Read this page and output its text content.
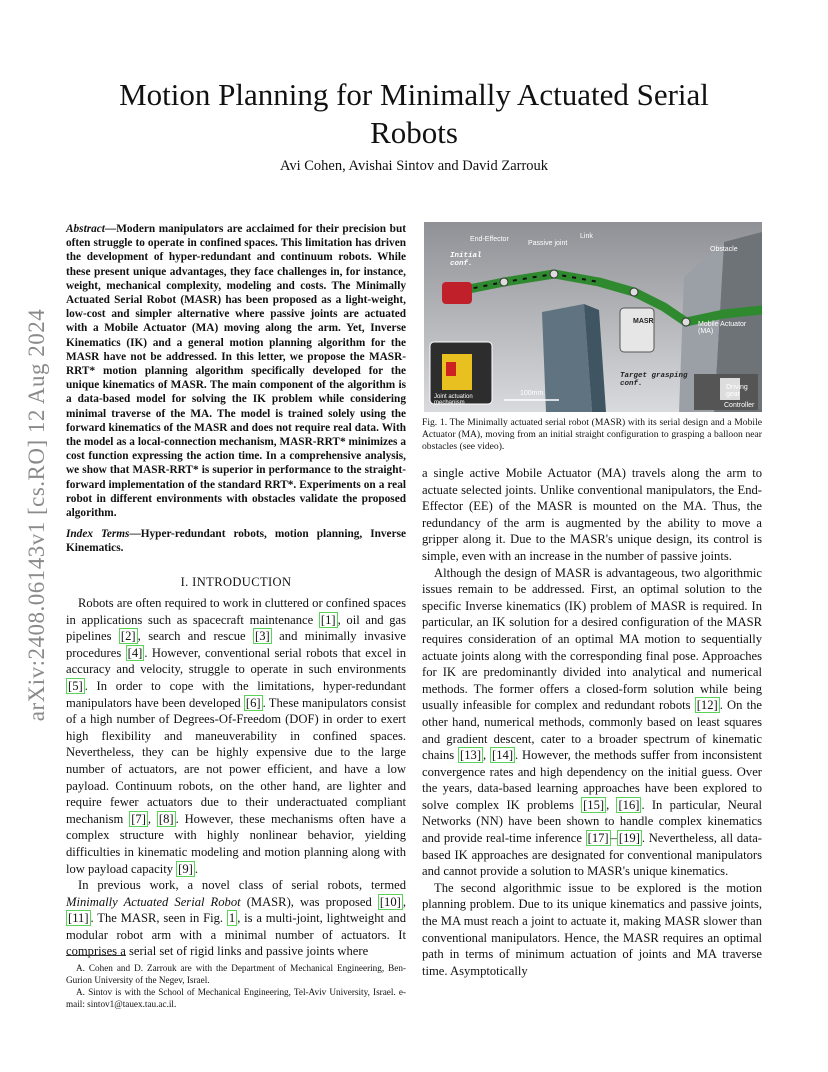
arXiv:2408.06143v1 [cs.RO] 12 Aug 2024
Motion Planning for Minimally Actuated Serial Robots
Avi Cohen, Avishai Sintov and David Zarrouk
Abstract—Modern manipulators are acclaimed for their precision but often struggle to operate in confined spaces. This limitation has driven the development of hyper-redundant and continuum robots. While these present unique advantages, they face challenges in, for instance, weight, mechanical complexity, modeling and costs. The Minimally Actuated Serial Robot (MASR) has been proposed as a light-weight, low-cost and simpler alternative where passive joints are actuated with a Mobile Actuator (MA) moving along the arm. Yet, Inverse Kinematics (IK) and a general motion planning algorithm for the MASR have not be addressed. In this letter, we propose the MASR-RRT* motion planning algorithm specifically developed for the unique kinematics of MASR. The main component of the algorithm is a data-based model for solving the IK problem while considering minimal traverse of the MA. The model is trained solely using the forward kinematics of the MASR and does not require real data. With the model as a local-connection mechanism, MASR-RRT* minimizes a cost function expressing the action time. In a comprehensive analysis, we show that MASR-RRT* is superior in performance to the straight-forward implementation of the standard RRT*. Experiments on a real robot in different environments with obstacles validate the proposed algorithm.
Index Terms—Hyper-redundant robots, motion planning, Inverse Kinematics.
I. INTRODUCTION

Robots are often required to work in cluttered or confined spaces in applications such as spacecraft maintenance [1] , oil and gas pipelines [2] , search and rescue [3] and minimally invasive procedures [4] . However, conventional serial robots that excel in accuracy and velocity, struggle to operate in such environments [5] . In order to cope with the limitations, hyper-redundant manipulators have been developed [6] . These manipulators consist of a high number of Degrees-Of-Freedom (DOF) in order to exert high flexibility and maneuverability in confined spaces. Nevertheless, they can be highly expensive due to the large number of actuators, are not power efficient, and have a low payload. Continuum robots, on the other hand, are lighter and require fewer actuators due to their underactuated compliant mechanism [7] , [8] . However, these mechanisms often have a complex structure with highly nonlinear behavior, yielding difficulties in kinematic modeling and motion planning along with low payload capacity [9] .

In previous work, a novel class of serial robots, termed Minimally Actuated Serial Robot (MASR), was proposed [10] , [11] . The MASR, seen in Fig. 1 , is a multi-joint, lightweight and modular robot arm with a minimal number of actuators. It comprises a serial set of rigid links and passive joints where

A. Cohen and D. Zarrouk are with the Department of Mechanical Engineering, Ben-Gurion University of the Negev, Israel.

A. Sintov is with the School of Mechanical Engineering, Tel-Aviv University, Israel. e-mail: sintov1@tauex.tau.ac.il.

End-Effector
Passive joint
Link
Obstacle
Initial conf.
MASR	Mobile Actuator (MA)
Target grasping conf.	Driving gear
Controller
Joint actuation mechanism
100mm
Fig. 1. The Minimally actuated serial robot (MASR) with its serial design and a Mobile Actuator (MA), moving from an initial straight configuration to grasping a balloon near obstacles (see video).

a single active Mobile Actuator (MA) travels along the arm to actuate selected joints. Unlike conventional manipulators, the End-Effector (EE) of the MASR is mounted on the MA. Thus, the redundancy of the arm is augmented by the ability to move a gripper along it. Due to the MASR's unique design, its control is simple, even with an increase in the number of passive joints.

Although the design of MASR is advantageous, two algorithmic issues remain to be addressed. First, an optimal solution to the specific Inverse kinematics (IK) problem of MASR is required. In particular, an IK solution for a desired configuration of the MASR requires consideration of an optimal MA motion to sequentially actuate joints along with the corresponding final pose. Approaches for IK are predominantly divided into analytical and numerical methods. The former offers a closed-form solution while being usually infeasible for complex and redundant robots [12] . On the other hand, numerical methods, commonly based on least squares and gradient descent, cater to a broader spectrum of kinematic chains [13] , [14] . However, the methods suffer from inconsistent convergence rates and high dependency on the initial guess. Over the years, data-based learning approaches have been explored to solve complex IK problems [15] , [16] . In particular, Neural Networks (NN) have been shown to handle complex kinematics and provide real-time inference [17] – [19] . Nevertheless, all data-based IK approaches are designated for conventional manipulators and cannot provide a solution to MASR's unique kinematics.

The second algorithmic issue to be explored is the motion planning problem. Due to its unique kinematics and passive joints, the MA must reach a joint to actuate it, making MASR slower than conventional manipulators. Hence, the MASR requires an optimal path in terms of minimum actuation of joints and MA traverse time. Asymptotically
